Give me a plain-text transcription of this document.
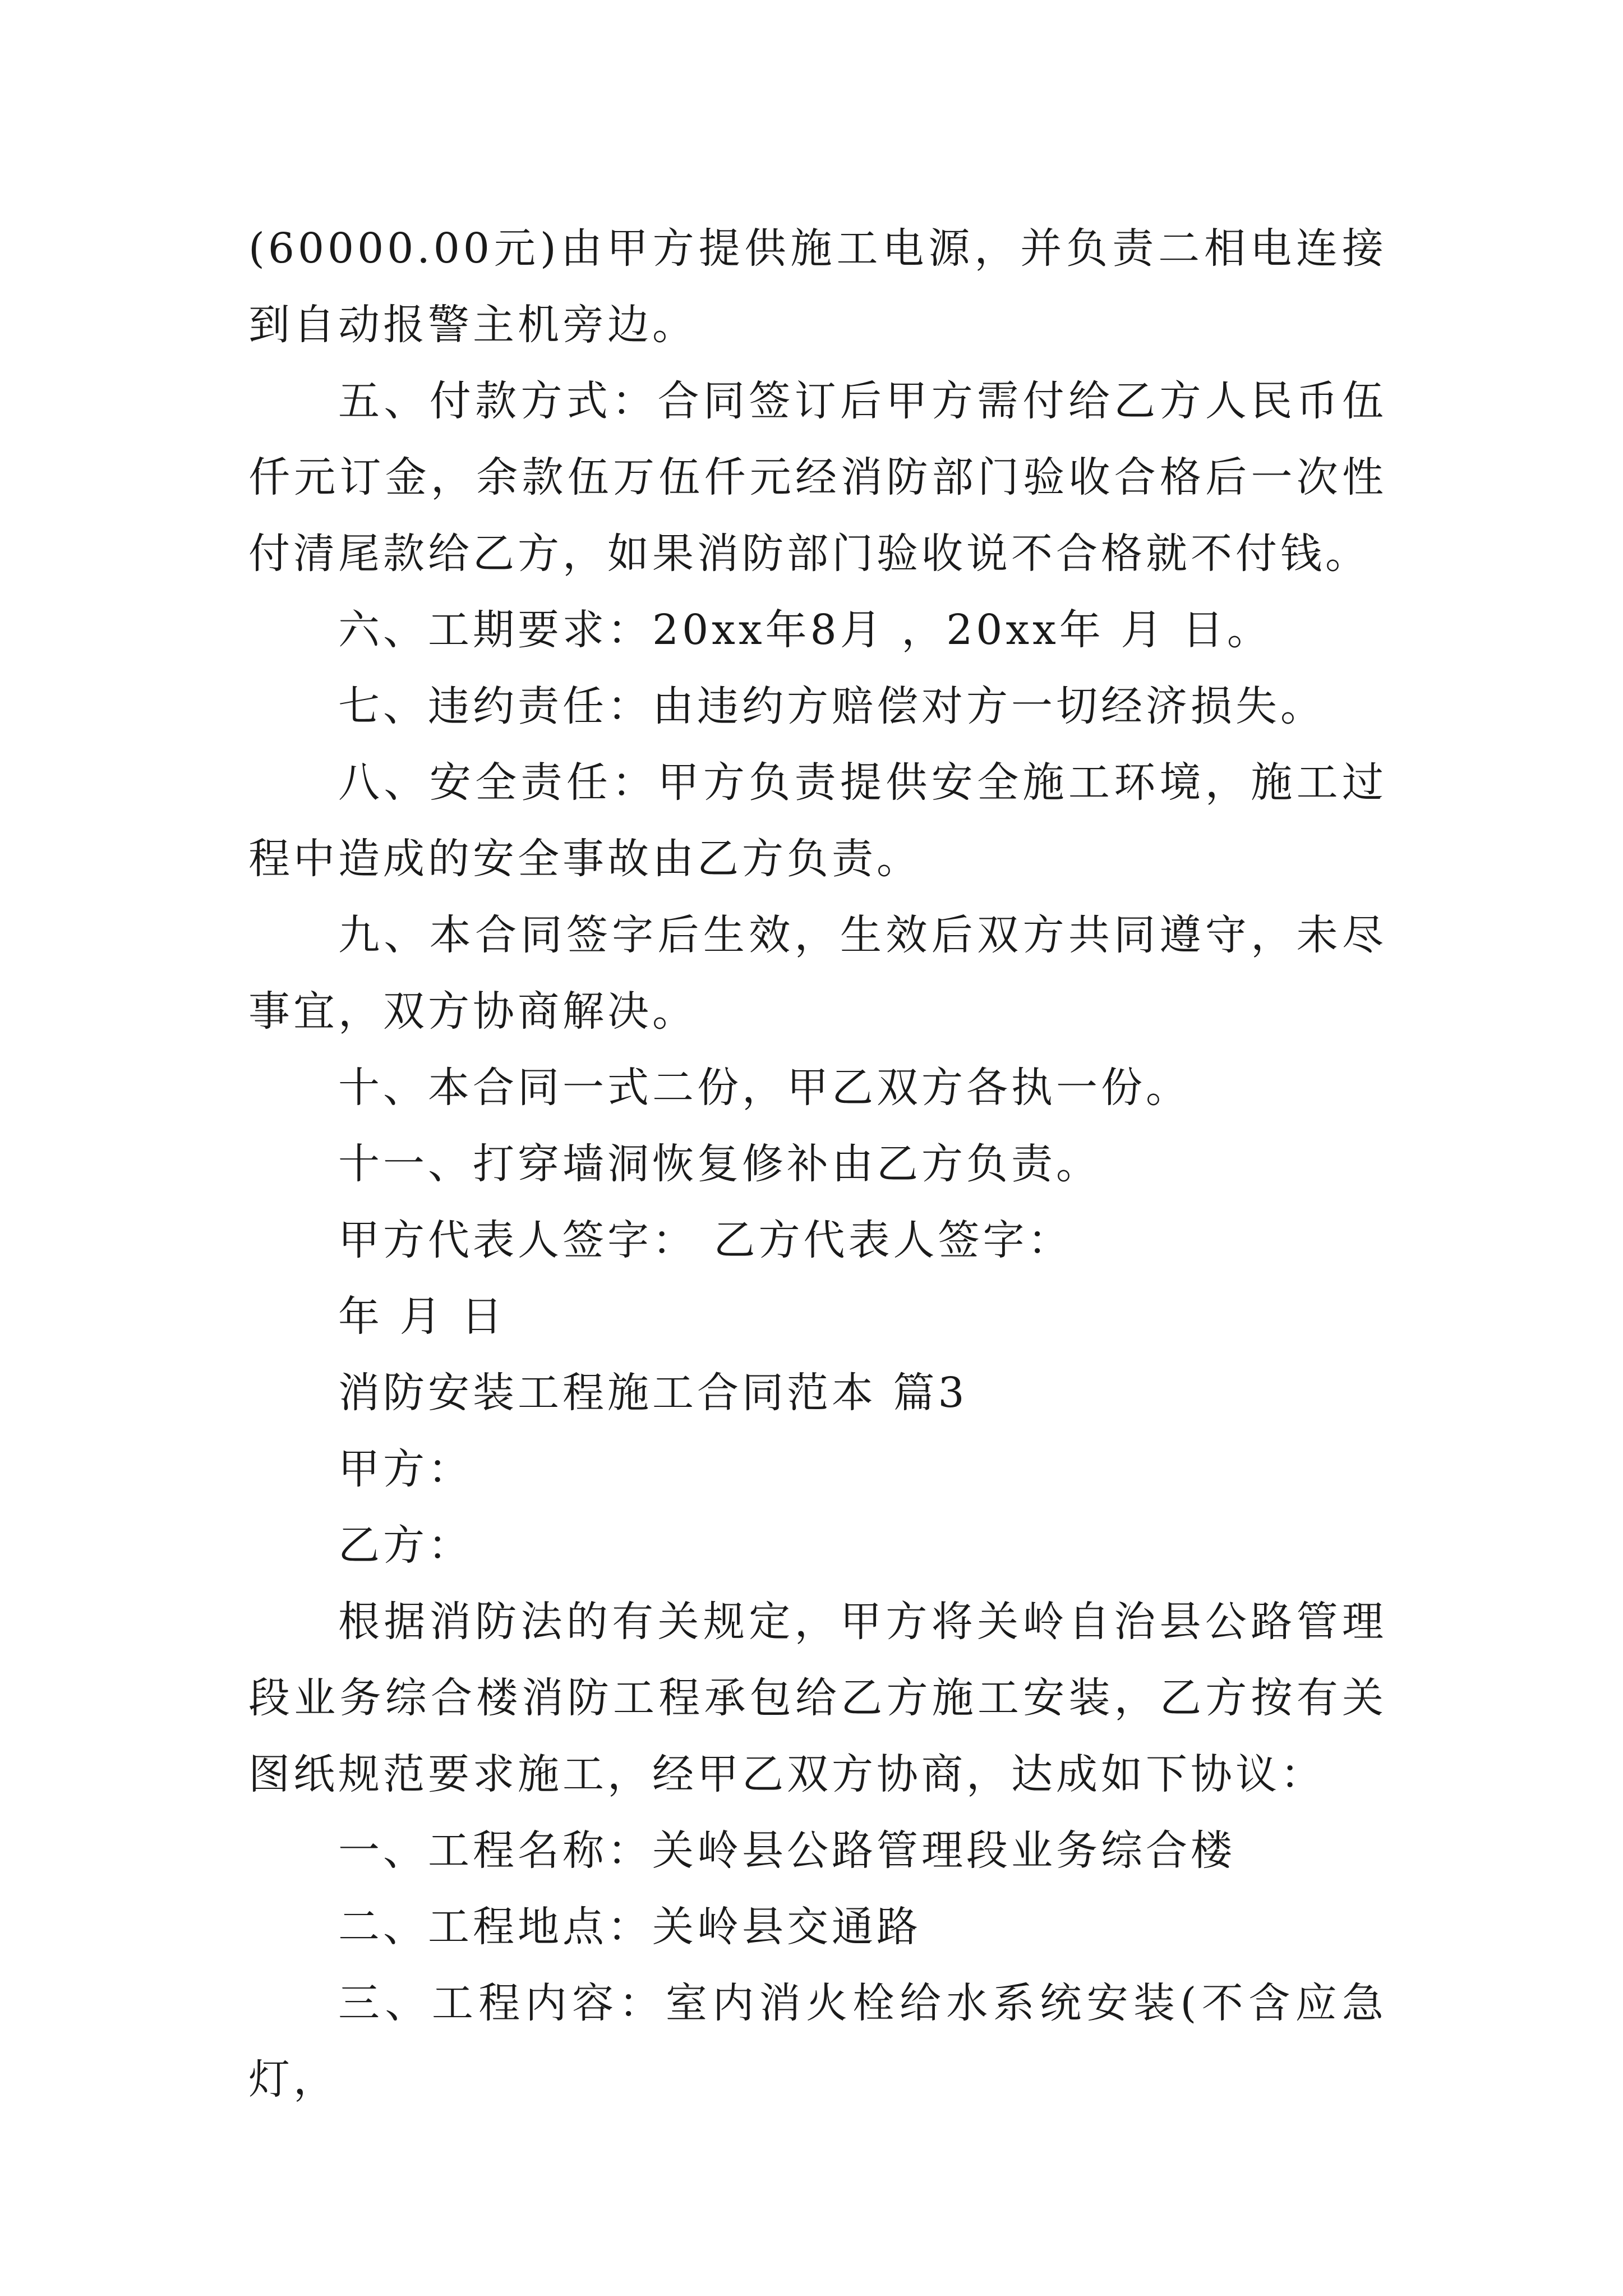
(60000.00元)由甲方提供施工电源，并负责二相电连接到自动报警主机旁边。

五、付款方式：合同签订后甲方需付给乙方人民币伍仟元订金，余款伍万伍仟元经消防部门验收合格后一次性付清尾款给乙方，如果消防部门验收说不合格就不付钱。

六、工期要求：20xx年8月 ，20xx年 月 日。

七、违约责任：由违约方赔偿对方一切经济损失。

八、安全责任：甲方负责提供安全施工环境，施工过程中造成的安全事故由乙方负责。

九、本合同签字后生效，生效后双方共同遵守，未尽事宜，双方协商解决。

十、本合同一式二份，甲乙双方各执一份。

十一、打穿墙洞恢复修补由乙方负责。

甲方代表人签字： 乙方代表人签字：

年 月 日

消防安装工程施工合同范本 篇3

甲方：

乙方：

根据消防法的有关规定，甲方将关岭自治县公路管理段业务综合楼消防工程承包给乙方施工安装，乙方按有关图纸规范要求施工，经甲乙双方协商，达成如下协议：

一、工程名称：关岭县公路管理段业务综合楼

二、工程地点：关岭县交通路

三、工程内容：室内消火栓给水系统安装(不含应急灯，
